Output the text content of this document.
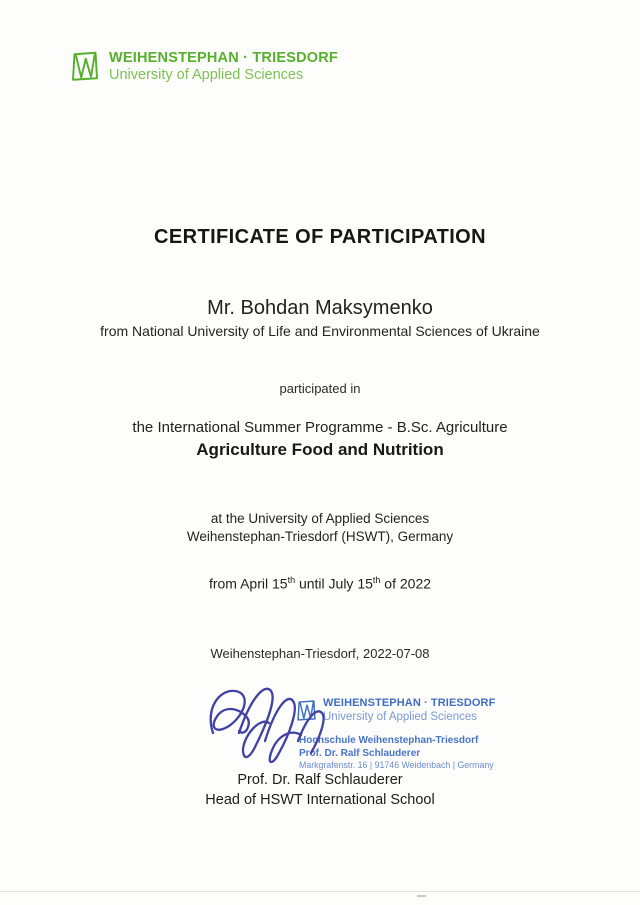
WEIHENSTEPHAN · TRIESDORF
University of Applied Sciences
CERTIFICATE OF PARTICIPATION
Mr. Bohdan Maksymenko
from National University of Life and Environmental Sciences of Ukraine
participated in
the International Summer Programme - B.Sc. Agriculture
Agriculture Food and Nutrition
at the University of Applied Sciences
Weihenstephan-Triesdorf (HSWT), Germany
from April 15th until July 15th of 2022
Weihenstephan-Triesdorf, 2022-07-08
WEIHENSTEPHAN · TRIESDORF
University of Applied Sciences
Hochschule Weihenstephan-Triesdorf
Prof. Dr. Ralf Schlauderer
Markgrafenstr. 16 | 91746 Weidenbach | Germany
Prof. Dr. Ralf Schlauderer
Head of HSWT International School
